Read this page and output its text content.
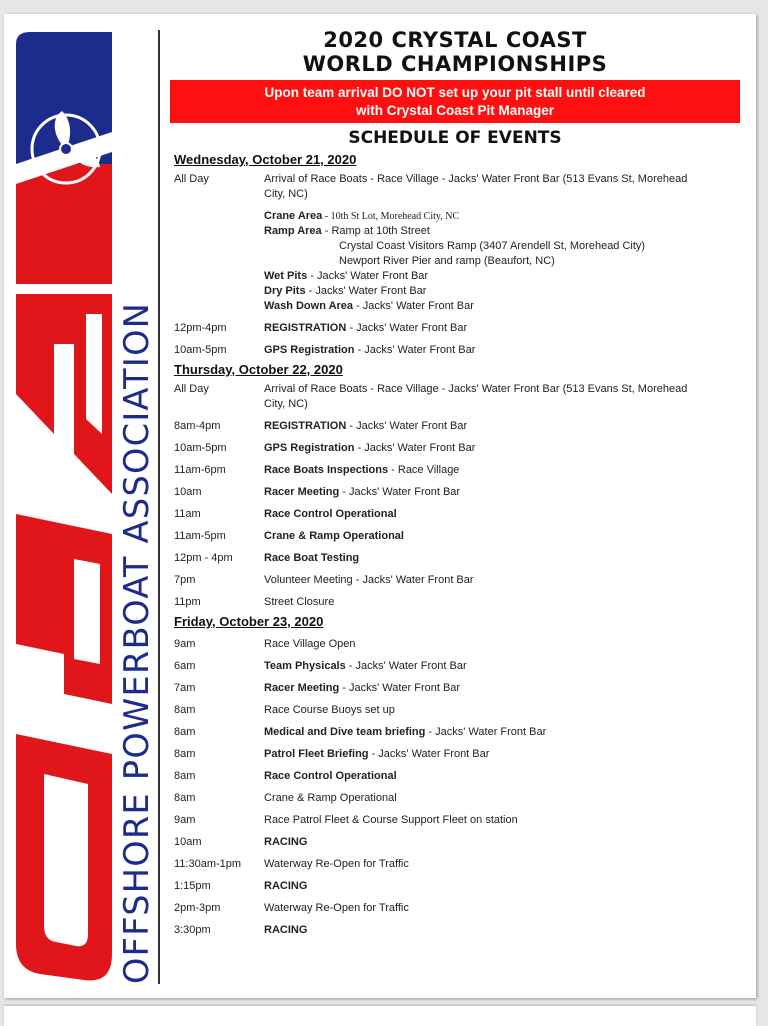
OFFSHORE POWERBOAT ASSOCIATION
2020 CRYSTAL COAST
WORLD CHAMPIONSHIPS
Upon team arrival DO NOT set up your pit stall until cleared
with Crystal Coast Pit Manager
SCHEDULE OF EVENTS
Wednesday, October 21, 2020
All Day	Arrival of Race Boats - Race Village - Jacks' Water Front Bar (513 Evans St, Morehead
City, NC)
Crane Area - 10th St Lot, Morehead City, NC
Ramp Area - Ramp at 10th Street
Crystal Coast Visitors Ramp (3407 Arendell St, Morehead City)
Newport River Pier and ramp (Beaufort, NC)
Wet Pits - Jacks' Water Front Bar
Dry Pits - Jacks' Water Front Bar
Wash Down Area - Jacks' Water Front Bar
12pm-4pm	REGISTRATION - Jacks' Water Front Bar
10am-5pm	GPS Registration - Jacks' Water Front Bar
Thursday, October 22, 2020
All Day	Arrival of Race Boats - Race Village - Jacks' Water Front Bar (513 Evans St, Morehead
City, NC)
8am-4pm	REGISTRATION - Jacks' Water Front Bar
10am-5pm	GPS Registration - Jacks' Water Front Bar
11am-6pm	Race Boats Inspections - Race Village
10am	Racer Meeting - Jacks' Water Front Bar
11am	Race Control Operational
11am-5pm	Crane & Ramp Operational
12pm - 4pm	Race Boat Testing
7pm	Volunteer Meeting - Jacks' Water Front Bar
11pm	Street Closure
Friday, October 23, 2020
9am	Race Village Open
6am	Team Physicals - Jacks' Water Front Bar
7am	Racer Meeting - Jacks' Water Front Bar
8am	Race Course Buoys set up
8am	Medical and Dive team briefing - Jacks' Water Front Bar
8am	Patrol Fleet Briefing - Jacks' Water Front Bar
8am	Race Control Operational
8am	Crane & Ramp Operational
9am	Race Patrol Fleet & Course Support Fleet on station
10am	RACING
11:30am-1pm	Waterway Re-Open for Traffic
1:15pm	RACING
2pm-3pm	Waterway Re-Open for Traffic
3:30pm	RACING
